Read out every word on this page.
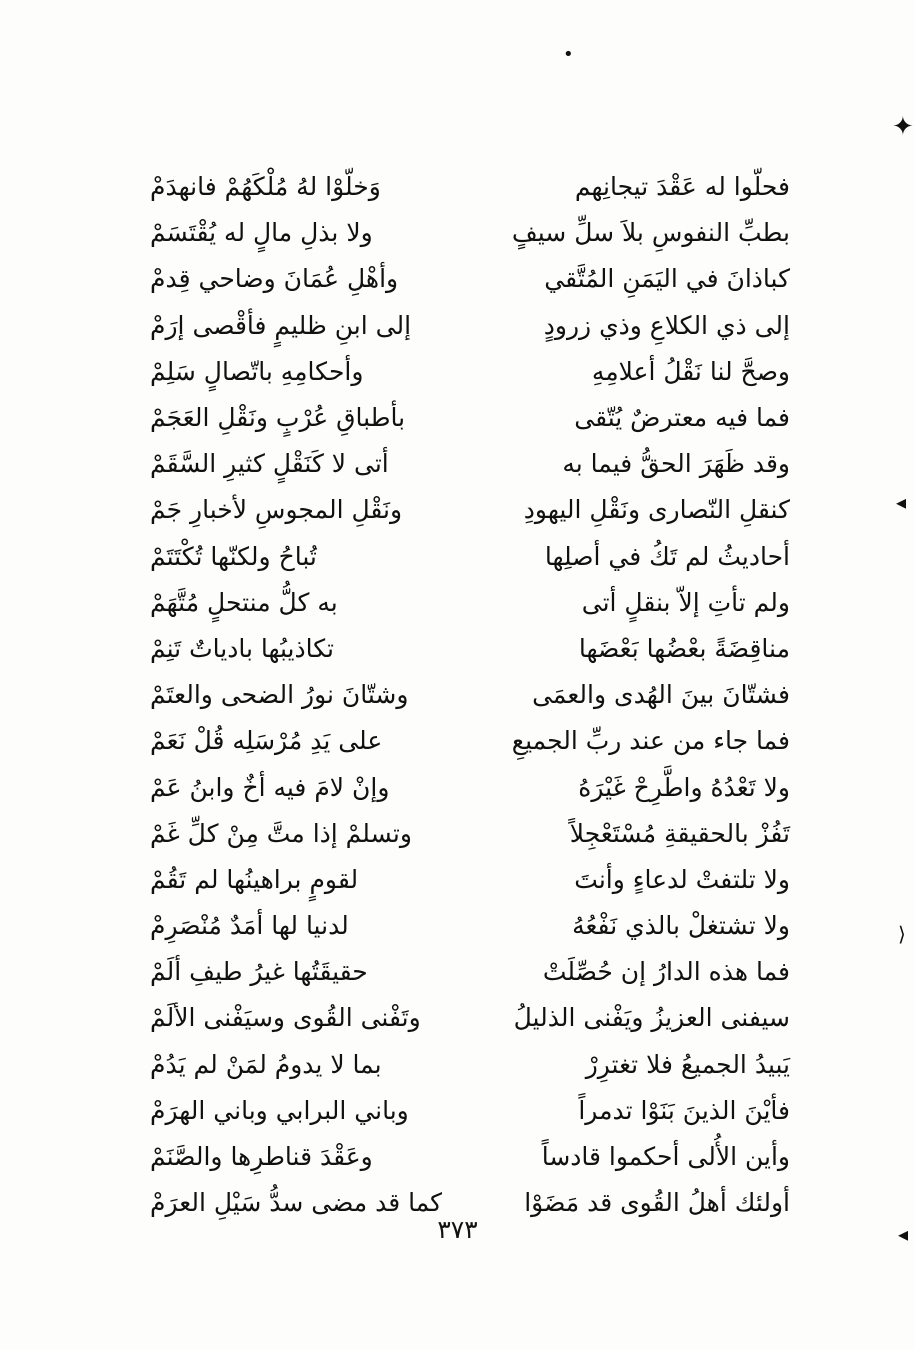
•
✦
◂
⟩
◂
فحلّوا له عَقْدَ تيجانِهم
وَخلّوْا لهُ مُلْكَهُمْ فانهدَمْ
بطبِّ النفوسِ بلاَ سلِّ سيفٍ
ولا بذلِ مالٍ له يُقْتَسَمْ
كباذانَ في اليَمَنِ المُتَّقي
وأهْلِ عُمَانَ وضاحي قِدمْ
إلى ذي الكلاعِ وذي زرودٍ
إلى ابنِ ظليمٍ فأقْصى إرَمْ
وصحَّ لنا نَقْلُ أعلامِهِ
وأحكامِهِ باتّصالٍ سَلِمْ
فما فيه معترضٌ يُتّقى
بأطباقِ عُرْبٍ ونَقْلِ العَجَمْ
وقد ظَهَرَ الحقُّ فيما به
أتى لا كَنَقْلٍ كثيرِ السَّقَمْ
كنقلِ النّصارى ونَقْلِ اليهودِ
ونَقْلِ المجوسِ لأخبارِ جَمْ
أحاديثُ لم تَكُ في أصلِها
تُباحُ ولكنّها تُكْتَتَمْ
ولم تأتِ إلاّ بنقلٍ أتى
به كلُّ منتحلٍ مُتَّهَمْ
مناقِضَةً بعْضُها بَعْضَها
تكاذيبُها بادياتٌ تَنِمْ
فشتّانَ بينَ الهُدى والعمَى
وشتّانَ نورُ الضحى والعتَمْ
فما جاء من عند ربِّ الجميعِ
على يَدِ مُرْسَلِه قُلْ نَعَمْ
ولا تَعْدُهُ واطَّرِحْ غَيْرَهُ
وإنْ لامَ فيه أخٌ وابنُ عَمْ
تَفُزْ بالحقيقةِ مُسْتَعْجِلاً
وتسلمْ إذا متَّ مِنْ كلِّ غَمْ
ولا تلتفتْ لدعاءٍ وأنتَ
لقومٍ براهينُها لم تَقُمْ
ولا تشتغلْ بالذي نَفْعُهُ
لدنيا لها أمَدٌ مُنْصَرِمْ
فما هذه الدارُ إن حُصِّلَتْ
حقيقَتُها غيرُ طيفِ ألَمْ
سيفنى العزيزُ ويَفْنى الذليلُ
وتَفْنى القُوى وسيَفْنى الألَمْ
يَبيدُ الجميعُ فلا تغترِرْ
بما لا يدومُ لمَنْ لم يَدُمْ
فأيْنَ الذينَ بَنَوْا تدمراً
وباني البرابي وباني الهرَمْ
وأين الأُلى أحكموا قادساً
وعَقْدَ قناطرِها والصَّنَمْ
أولئك أهلُ القُوى قد مَضَوْا
كما قد مضى سدُّ سَيْلِ العرَمْ
٣٧٣
